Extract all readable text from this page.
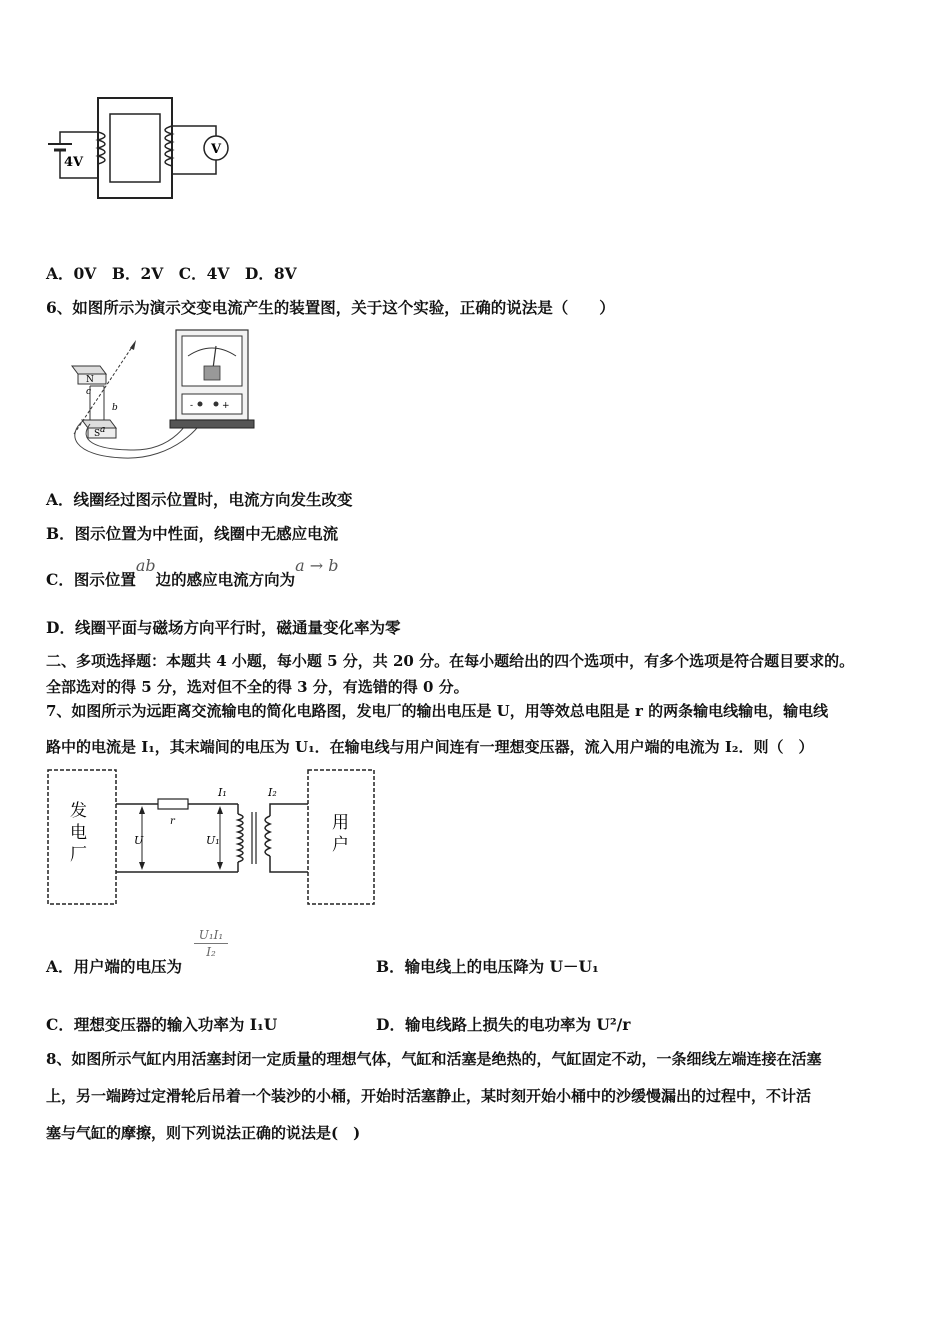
4V
V
A．0V　B．2V　C．4V　D．8V
6、如图所示为演示交变电流产生的装置图，关于这个实验，正确的说法是（　　）
N
S
c
b
a
-	+
A．线圈经过图示位置时，电流方向发生改变
B．图示位置为中性面，线圈中无感应电流
C．图示位置ab边的感应电流方向为a → b
D．线圈平面与磁场方向平行时，磁通量变化率为零
二、多项选择题：本题共 4 小题，每小题 5 分，共 20 分。在每小题给出的四个选项中，有多个选项是符合题目要求的。
全部选对的得 5 分，选对但不全的得 3 分，有选错的得 0 分。
7、如图所示为远距离交流输电的简化电路图，发电厂的输出电压是 U，用等效总电阻是 r 的两条输电线输电，输电线
路中的电流是 I₁，其末端间的电压为 U₁．在输电线与用户间连有一理想变压器，流入用户端的电流为 I₂．则（　）
发
电
厂
用
户
r
U	U₁
I₁	I₂
A．用户端的电压为
U₁I₁
I₂
B．输电线上的电压降为 U－U₁
C．理想变压器的输入功率为 I₁U	D．输电线路上损失的电功率为 U²/r
8、如图所示气缸内用活塞封闭一定质量的理想气体，气缸和活塞是绝热的，气缸固定不动，一条细线左端连接在活塞
上，另一端跨过定滑轮后吊着一个装沙的小桶，开始时活塞静止，某时刻开始小桶中的沙缓慢漏出的过程中，不计活
塞与气缸的摩擦，则下列说法正确的说法是(　)
